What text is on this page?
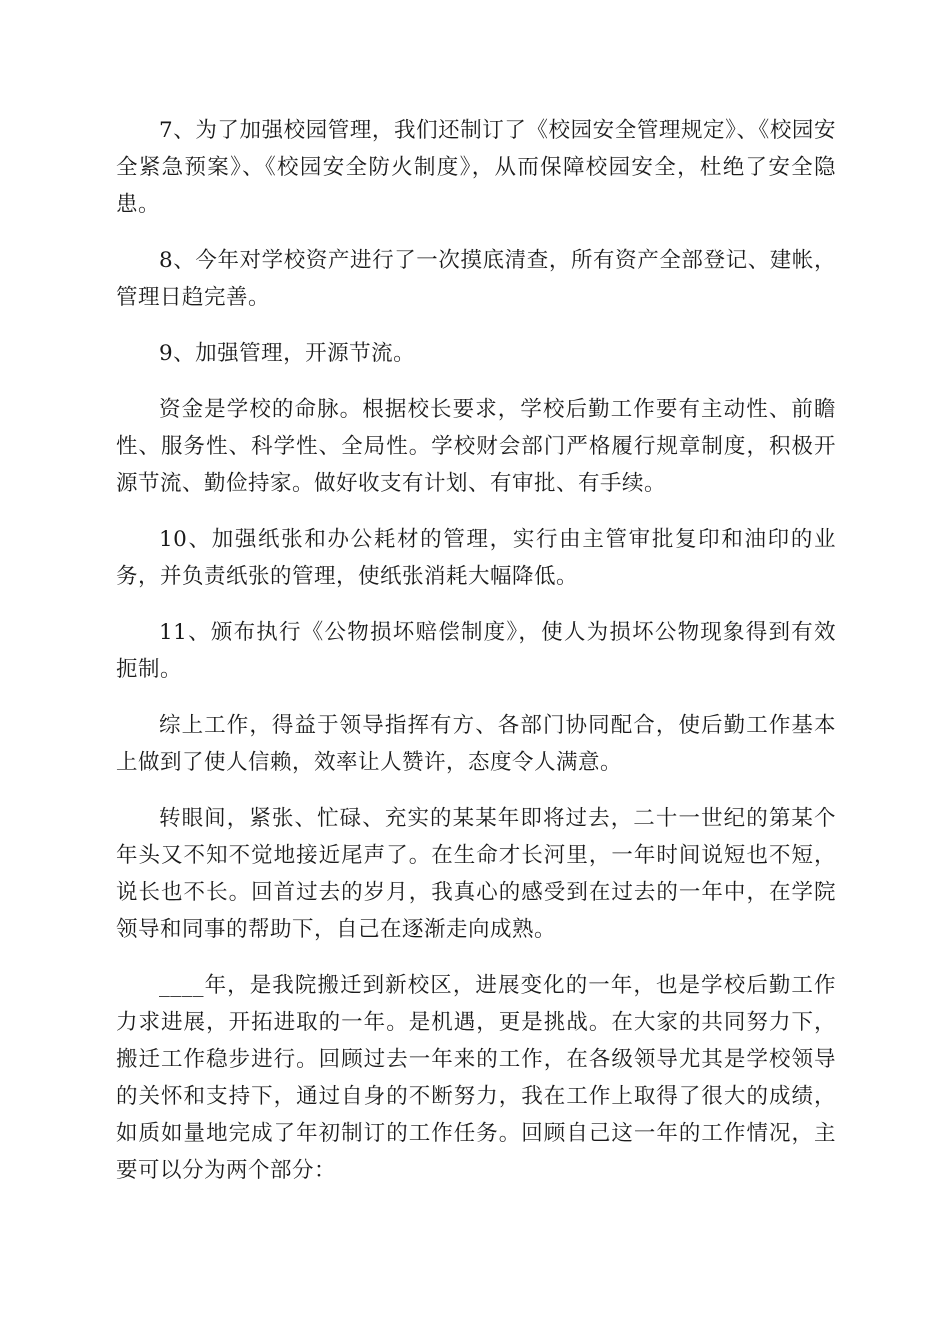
7、为了加强校园管理，我们还制订了《校园安全管理规定》、《校园安全紧急预案》、《校园安全防火制度》，从而保障校园安全，杜绝了安全隐患。

8、今年对学校资产进行了一次摸底清查，所有资产全部登记、建帐，管理日趋完善。

9、加强管理，开源节流。

资金是学校的命脉。根据校长要求，学校后勤工作要有主动性、前瞻性、服务性、科学性、全局性。学校财会部门严格履行规章制度，积极开源节流、勤俭持家。做好收支有计划、有审批、有手续。

10、加强纸张和办公耗材的管理，实行由主管审批复印和油印的业务，并负责纸张的管理，使纸张消耗大幅降低。

11、颁布执行《公物损坏赔偿制度》，使人为损坏公物现象得到有效扼制。

综上工作，得益于领导指挥有方、各部门协同配合，使后勤工作基本上做到了使人信赖，效率让人赞许，态度令人满意。

转眼间，紧张、忙碌、充实的某某年即将过去，二十一世纪的第某个年头又不知不觉地接近尾声了。在生命才长河里，一年时间说短也不短，说长也不长。回首过去的岁月，我真心的感受到在过去的一年中，在学院领导和同事的帮助下，自己在逐渐走向成熟。

____年，是我院搬迁到新校区，进展变化的一年，也是学校后勤工作力求进展，开拓进取的一年。是机遇，更是挑战。在大家的共同努力下，搬迁工作稳步进行。回顾过去一年来的工作，在各级领导尤其是学校领导的关怀和支持下，通过自身的不断努力，我在工作上取得了很大的成绩，如质如量地完成了年初制订的工作任务。回顾自己这一年的工作情况，主要可以分为两个部分：
